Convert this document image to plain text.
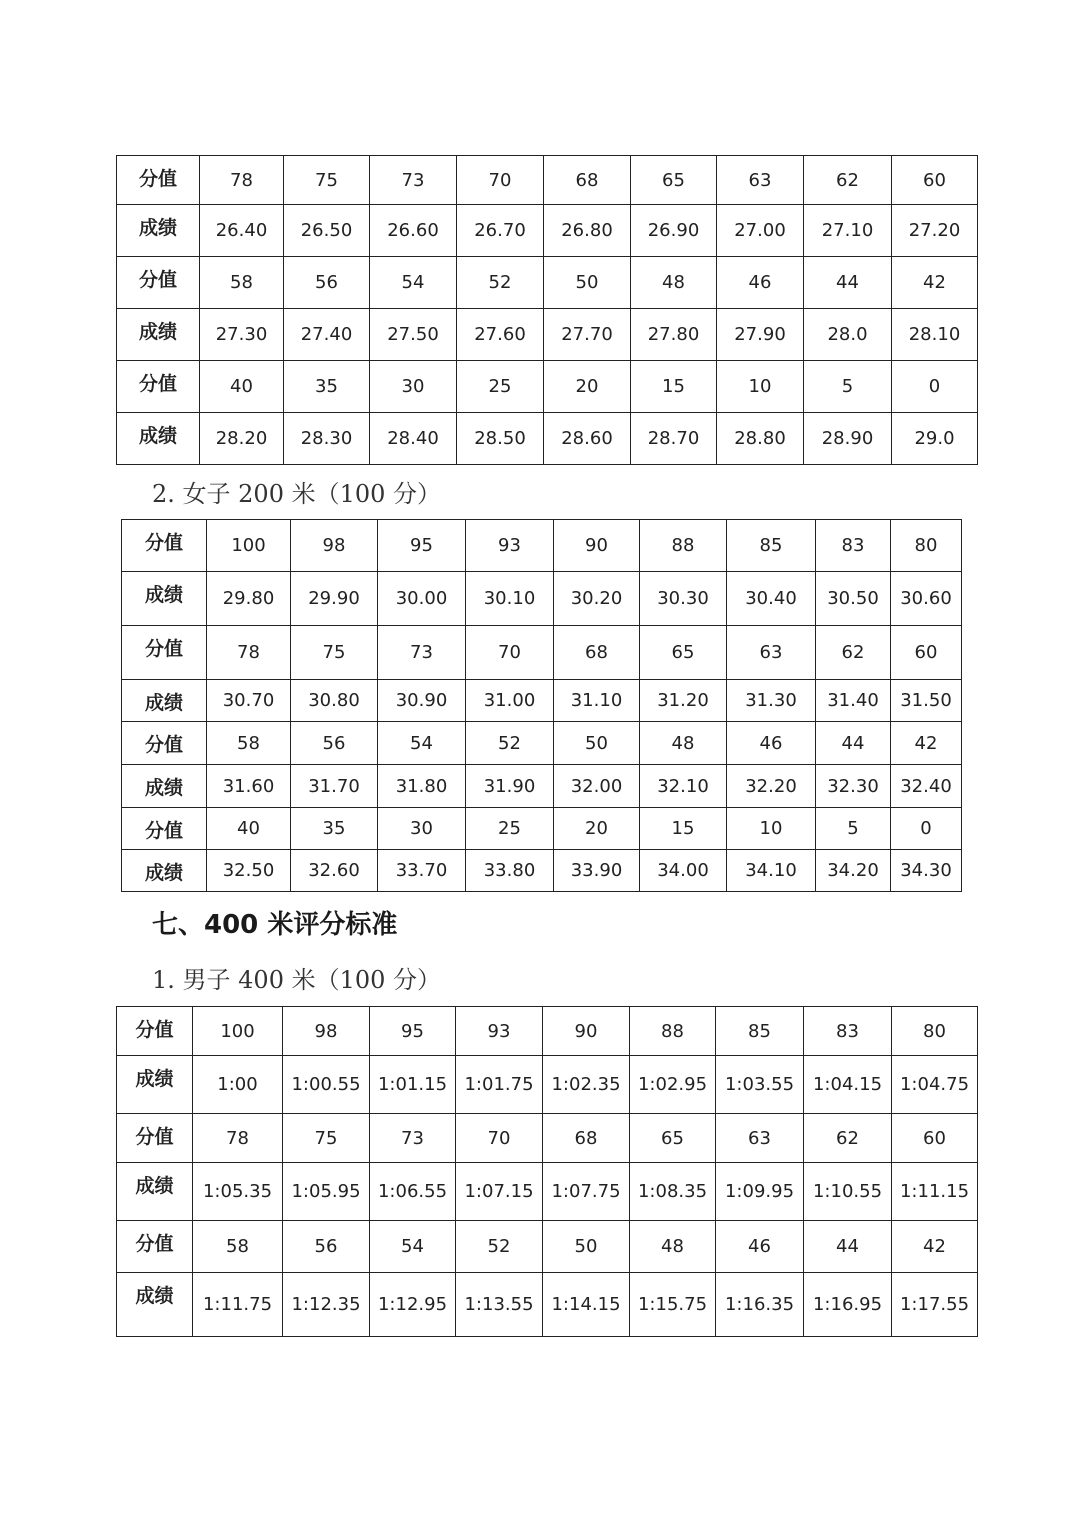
分值	78	75	73	70	68	65	63	62	60
成绩	26.40	26.50	26.60	26.70	26.80	26.90	27.00	27.10	27.20
分值	58	56	54	52	50	48	46	44	42
成绩	27.30	27.40	27.50	27.60	27.70	27.80	27.90	28.0	28.10
分值	40	35	30	25	20	15	10	5	0
成绩	28.20	28.30	28.40	28.50	28.60	28.70	28.80	28.90	29.0
2. 女子 200 米（100 分）
分值	100	98	95	93	90	88	85	83	80
成绩	29.80	29.90	30.00	30.10	30.20	30.30	30.40	30.50	30.60
分值	78	75	73	70	68	65	63	62	60
成绩	30.70	30.80	30.90	31.00	31.10	31.20	31.30	31.40	31.50
分值	58	56	54	52	50	48	46	44	42
成绩	31.60	31.70	31.80	31.90	32.00	32.10	32.20	32.30	32.40
分值	40	35	30	25	20	15	10	5	0
成绩	32.50	32.60	33.70	33.80	33.90	34.00	34.10	34.20	34.30
七、400 米评分标准
1. 男子 400 米（100 分）
分值	100	98	95	93	90	88	85	83	80
成绩	1:00	1:00.55	1:01.15	1:01.75	1:02.35	1:02.95	1:03.55	1:04.15	1:04.75
分值	78	75	73	70	68	65	63	62	60
成绩	1:05.35	1:05.95	1:06.55	1:07.15	1:07.75	1:08.35	1:09.95	1:10.55	1:11.15
分值	58	56	54	52	50	48	46	44	42
成绩	1:11.75	1:12.35	1:12.95	1:13.55	1:14.15	1:15.75	1:16.35	1:16.95	1:17.55
